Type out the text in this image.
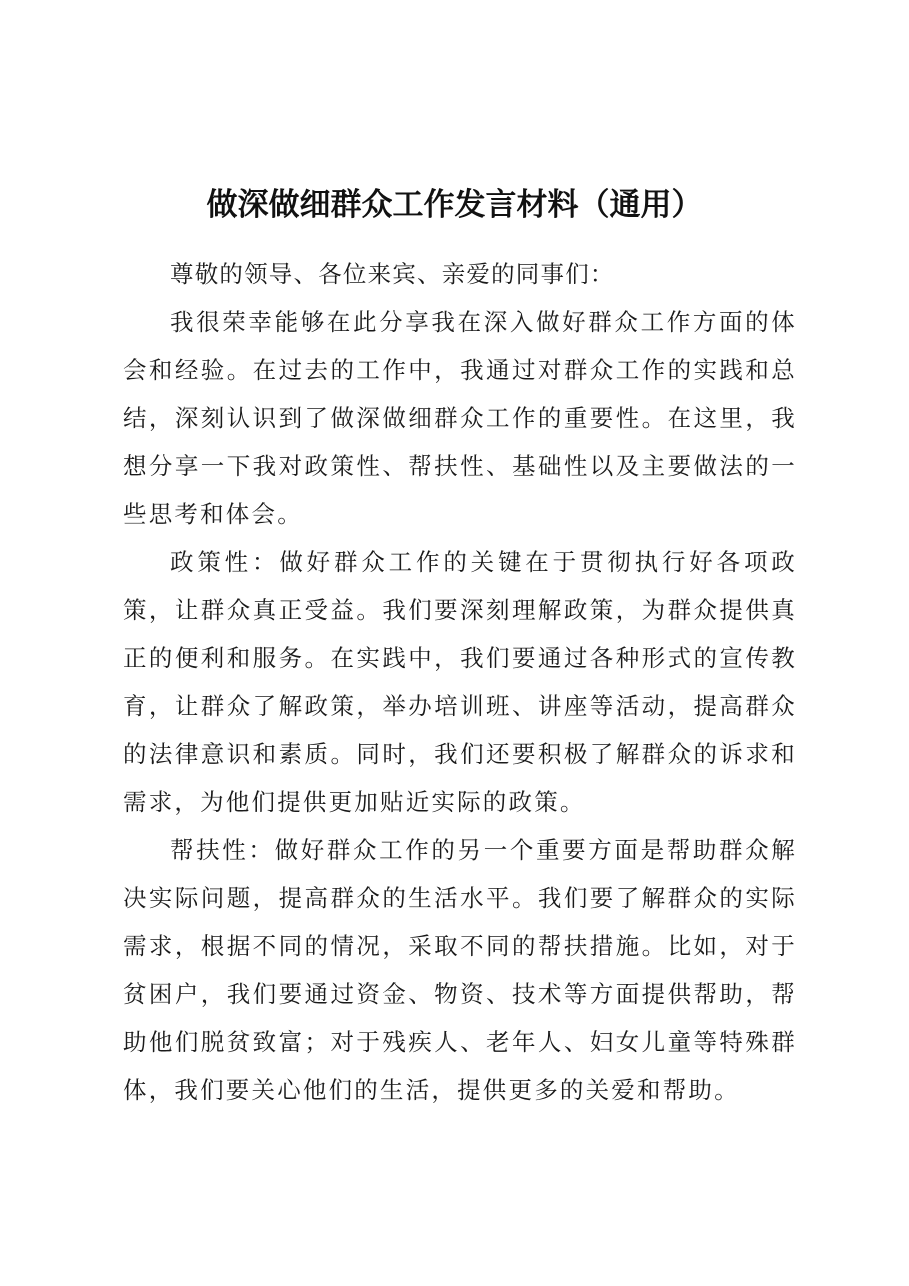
做深做细群众工作发言材料（通用）

尊敬的领导、各位来宾、亲爱的同事们：

我很荣幸能够在此分享我在深入做好群众工作方面的体会和经验。在过去的工作中，我通过对群众工作的实践和总结，深刻认识到了做深做细群众工作的重要性。在这里，我想分享一下我对政策性、帮扶性、基础性以及主要做法的一些思考和体会。

政策性：做好群众工作的关键在于贯彻执行好各项政策，让群众真正受益。我们要深刻理解政策，为群众提供真正的便利和服务。在实践中，我们要通过各种形式的宣传教育，让群众了解政策，举办培训班、讲座等活动，提高群众的法律意识和素质。同时，我们还要积极了解群众的诉求和需求，为他们提供更加贴近实际的政策。

帮扶性：做好群众工作的另一个重要方面是帮助群众解决实际问题，提高群众的生活水平。我们要了解群众的实际需求，根据不同的情况，采取不同的帮扶措施。比如，对于贫困户，我们要通过资金、物资、技术等方面提供帮助，帮助他们脱贫致富；对于残疾人、老年人、妇女儿童等特殊群体，我们要关心他们的生活，提供更多的关爱和帮助。
